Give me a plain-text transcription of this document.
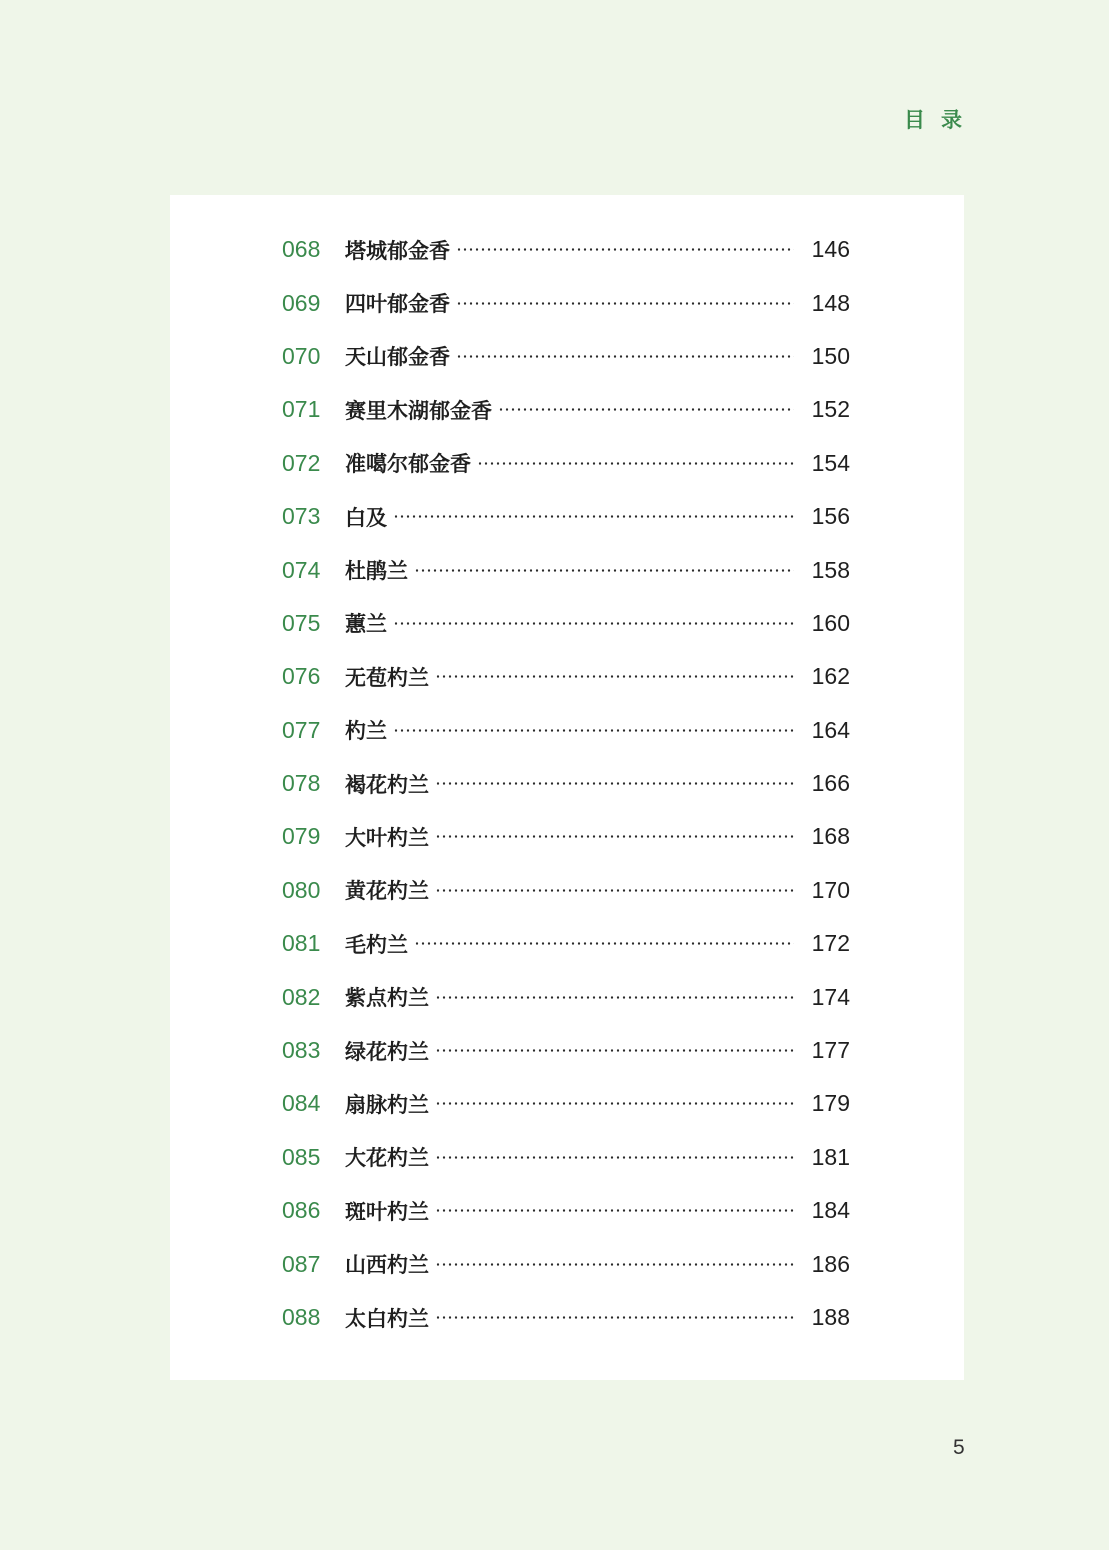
目录
068	塔城郁金香	146
069	四叶郁金香	148
070	天山郁金香	150
071	赛里木湖郁金香	152
072	准噶尔郁金香	154
073	白及	156
074	杜鹃兰	158
075	蕙兰	160
076	无苞杓兰	162
077	杓兰	164
078	褐花杓兰	166
079	大叶杓兰	168
080	黄花杓兰	170
081	毛杓兰	172
082	紫点杓兰	174
083	绿花杓兰	177
084	扇脉杓兰	179
085	大花杓兰	181
086	斑叶杓兰	184
087	山西杓兰	186
088	太白杓兰	188
5
